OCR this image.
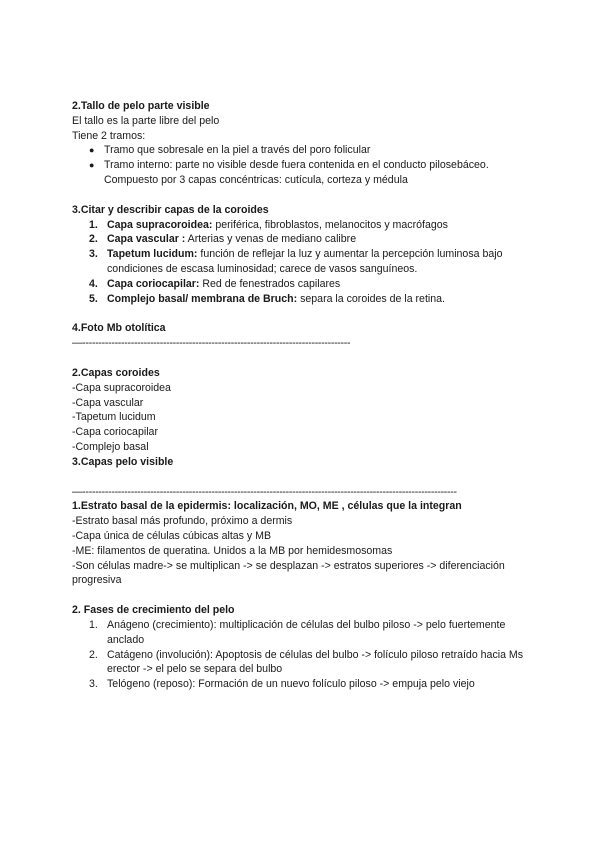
2.Tallo de pelo parte visible

El tallo es la parte libre del pelo

Tiene 2 tramos:

● Tramo que sobresale en la piel a través del poro folicular
● Tramo interno: parte no visible desde fuera contenida en el conducto pilosebáceo. Compuesto por 3 capas concéntricas: cutícula, corteza y médula

3.Citar y describir capas de la coroides

1. Capa supracoroidea: periférica, fibroblastos, melanocitos y macrófagos
2. Capa vascular : Arterias y venas de mediano calibre
3. Tapetum lucidum: función de reflejar la luz y aumentar la percepción luminosa bajo condiciones de escasa luminosidad; carece de vasos sanguíneos.
4. Capa coriocapilar: Red de fenestrados capilares
5. Complejo basal/ membrana de Bruch: separa la coroides de la retina.

4.Foto Mb otolítica

—-----------------------------------------------------------------------------------

2.Capas coroides

-Capa supracoroidea

-Capa vascular

-Tapetum lucidum

-Capa coriocapilar

-Complejo basal

3.Capas pelo visible

—--------------------------------------------------------------------------------------------------------------------

1.Estrato basal de la epidermis: localización, MO, ME , células que la integran

-Estrato basal más profundo, próximo a dermis

-Capa única de células cúbicas altas y MB

-ME: filamentos de queratina. Unidos a la MB por hemidesmosomas

-Son células madre-> se multiplican -> se desplazan -> estratos superiores -> diferenciación progresiva

2. Fases de crecimiento del pelo

1. Anágeno (crecimiento): multiplicación de células del bulbo piloso -> pelo fuertemente anclado
2. Catágeno (involución): Apoptosis de células del bulbo -> folículo piloso retraído hacia Ms erector -> el pelo se separa del bulbo
3. Telógeno (reposo): Formación de un nuevo folículo piloso -> empuja pelo viejo
